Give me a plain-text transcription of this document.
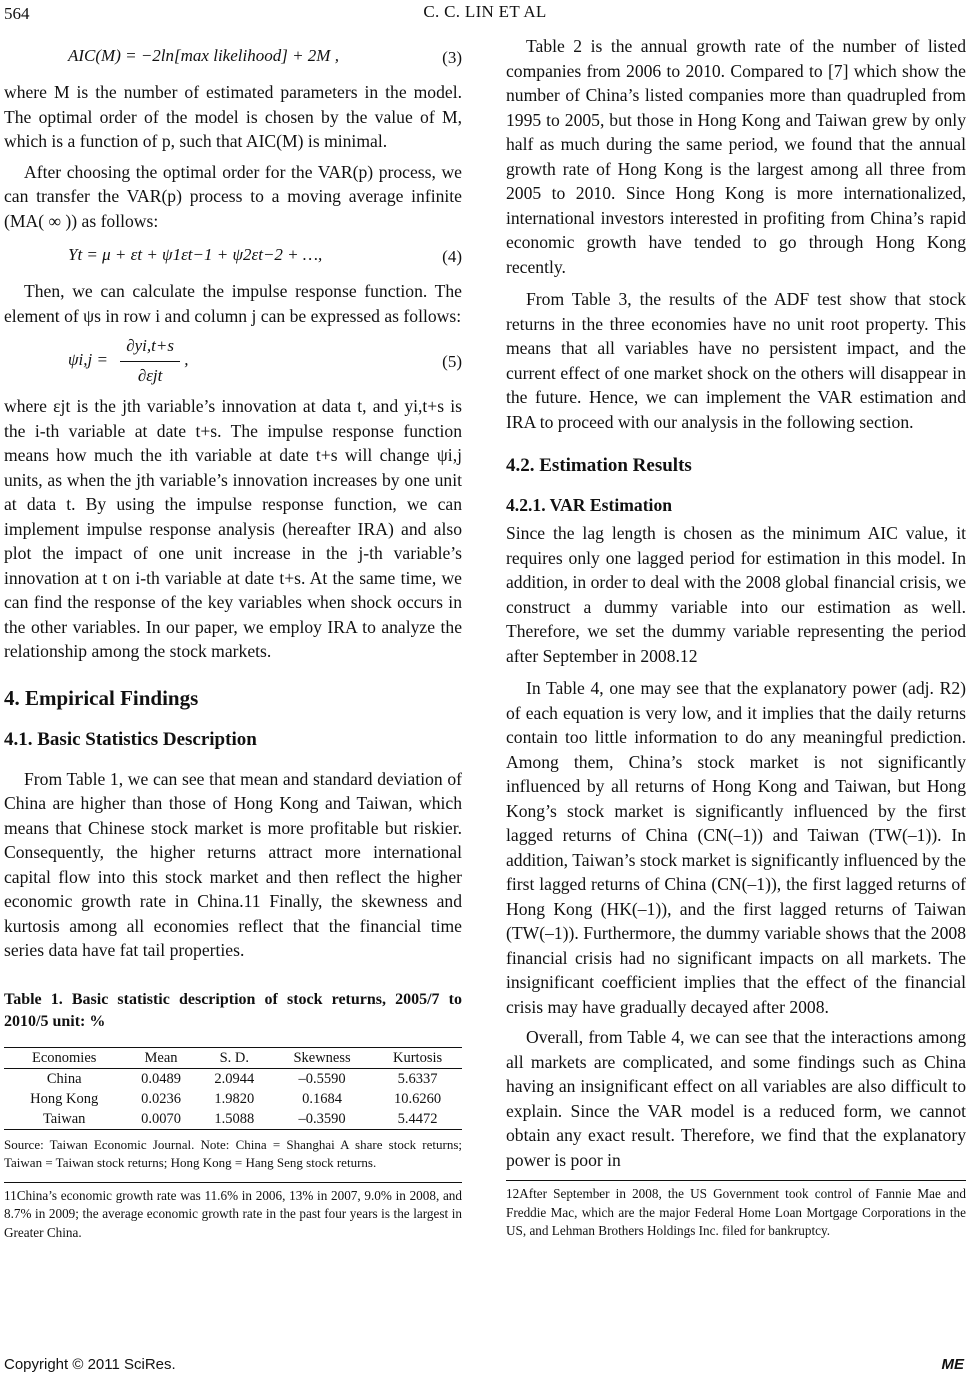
564	C. C. LIN ET AL
AIC(M) = −2ln[max likelihood] + 2M ,	(3)

where M is the number of estimated parameters in the model. The optimal order of the model is chosen by the value of M, which is a function of p, such that AIC(M) is minimal.

After choosing the optimal order for the VAR(p) process, we can transfer the VAR(p) process to a moving average infinite (MA( ∞ )) as follows:

Yt = μ + εt + ψ1εt−1 + ψ2εt−2 + …,	(4)

Then, we can calculate the impulse response function. The element of ψs in row i and column j can be expressed as follows:

$\psi i,j = \frac{\partial yi,t+s}{\text{∂εjt}}$ ,	(5)

where εjt is the jth variable’s innovation at data t, and yi,t+s is the i-th variable at date t+s. The impulse response function means how much the ith variable at date t+s will change ψi,j units, as when the jth variable’s innovation increases by one unit at data t. By using the impulse response function, we can implement impulse response analysis (hereafter IRA) and also plot the impact of one unit increase in the j-th variable’s innovation at t on i-th variable at date t+s. At the same time, we can find the response of the key variables when shock occurs in the other variables. In our paper, we employ IRA to analyze the relationship among the stock markets.

4. Empirical Findings
4.1. Basic Statistics Description

From Table 1, we can see that mean and standard deviation of China are higher than those of Hong Kong and Taiwan, which means that Chinese stock market is more profitable but riskier. Consequently, the higher returns attract more international capital flow into this stock market and then reflect the higher economic growth rate in China.11 Finally, the skewness and kurtosis among all economies reflect that the financial time series data have fat tail properties.

Table 1. Basic statistic description of stock returns, 2005/7 to 2010/5 unit: %
Economies	Mean	S. D.	Skewness	Kurtosis
China	0.0489	2.0944	–0.5590	5.6337
Hong Kong	0.0236	1.9820	0.1684	10.6260
Taiwan	0.0070	1.5088	–0.3590	5.4472
Source: Taiwan Economic Journal. Note: China = Shanghai A share stock returns; Taiwan = Taiwan stock returns; Hong Kong = Hang Seng stock returns.
11China’s economic growth rate was 11.6% in 2006, 13% in 2007, 9.0% in 2008, and 8.7% in 2009; the average economic growth rate in the past four years is the largest in Greater China.

Table 2 is the annual growth rate of the number of listed companies from 2006 to 2010. Compared to [7] which show the number of China’s listed companies more than quadrupled from 1995 to 2005, but those in Hong Kong and Taiwan grew by only half as much during the same period, we found that the annual growth rate of Hong Kong is the largest among all three from 2005 to 2010. Since Hong Kong is more internationalized, international investors interested in profiting from China’s rapid economic growth have tended to go through Hong Kong recently.

From Table 3, the results of the ADF test show that stock returns in the three economies have no unit root property. This means that all variables have no persistent impact, and the current effect of one market shock on the others will disappear in the future. Hence, we can implement the VAR estimation and IRA to proceed with our analysis in the following section.

4.2. Estimation Results
4.2.1. VAR Estimation

Since the lag length is chosen as the minimum AIC value, it requires only one lagged period for estimation in this model. In addition, in order to deal with the 2008 global financial crisis, we construct a dummy variable into our estimation as well. Therefore, we set the dummy variable representing the period after September in 2008.12

In Table 4, one may see that the explanatory power (adj. R2) of each equation is very low, and it implies that the daily returns contain too little information to do any meaningful prediction. Among them, China’s stock market is not significantly influenced by all returns of Hong Kong and Taiwan, but Hong Kong’s stock market is significantly influenced by the first lagged returns of China (CN(–1)) and Taiwan (TW(–1)). In addition, Taiwan’s stock market is significantly influenced by the first lagged returns of China (CN(–1)), the first lagged returns of Hong Kong (HK(–1)), and the first lagged returns of Taiwan (TW(–1)). Furthermore, the dummy variable shows that the 2008 financial crisis had no significant impacts on all markets. The insignificant coefficient implies that the effect of the financial crisis may have gradually decayed after 2008.

Overall, from Table 4, we can see that the interactions among all markets are complicated, and some findings such as China having an insignificant effect on all variables are also difficult to explain. Since the VAR model is a reduced form, we cannot obtain any exact result. Therefore, we find that the explanatory power is poor in

12After September in 2008, the US Government took control of Fannie Mae and Freddie Mac, which are the major Federal Home Loan Mortgage Corporations in the US, and Lehman Brothers Holdings Inc. filed for bankruptcy.
Copyright © 2011 SciRes.	ME
